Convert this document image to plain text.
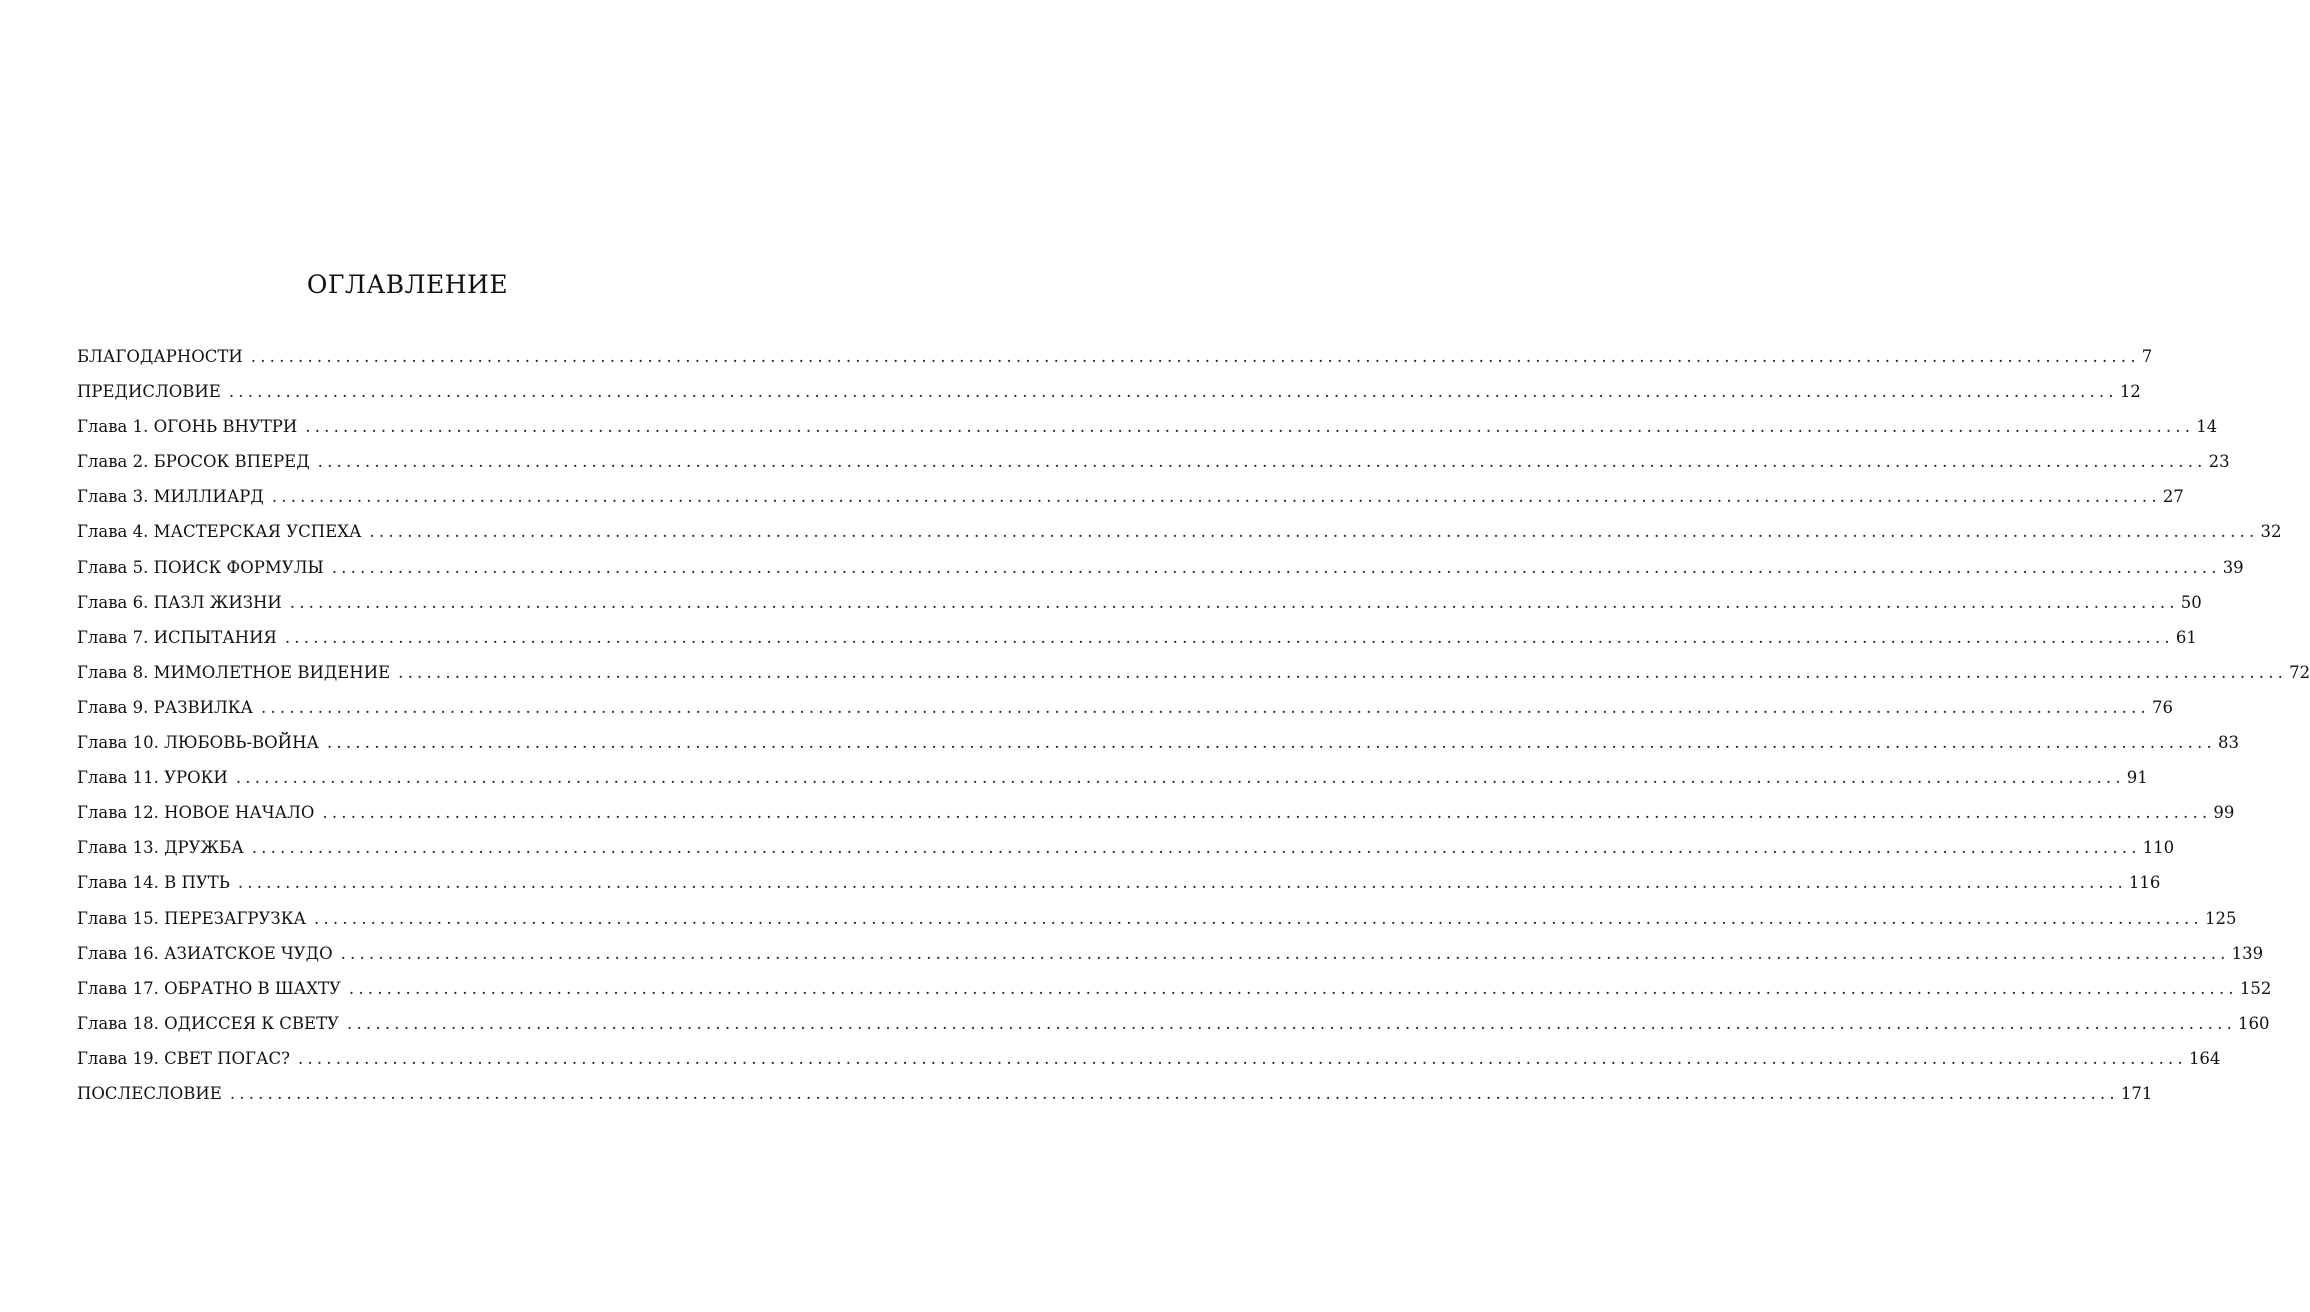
ОГЛАВЛЕНИЕ
БЛАГОДАРНОСТИ ........................................................................................................................................................................................................ 7
ПРЕДИСЛОВИЕ ........................................................................................................................................................................................................ 12
Глава 1. ОГОНЬ ВНУТРИ ........................................................................................................................................................................................................ 14
Глава 2. БРОСОК ВПЕРЕД ........................................................................................................................................................................................................ 23
Глава 3. МИЛЛИАРД ........................................................................................................................................................................................................ 27
Глава 4. МАСТЕРСКАЯ УСПЕХА ........................................................................................................................................................................................................ 32
Глава 5. ПОИСК ФОРМУЛЫ ........................................................................................................................................................................................................ 39
Глава 6. ПАЗЛ ЖИЗНИ ........................................................................................................................................................................................................ 50
Глава 7. ИСПЫТАНИЯ ........................................................................................................................................................................................................ 61
Глава 8. МИМОЛЕТНОЕ ВИДЕНИЕ ........................................................................................................................................................................................................ 72
Глава 9. РАЗВИЛКА ........................................................................................................................................................................................................ 76
Глава 10. ЛЮБОВЬ-ВОЙНА ........................................................................................................................................................................................................ 83
Глава 11. УРОКИ ........................................................................................................................................................................................................ 91
Глава 12. НОВОЕ НАЧАЛО ........................................................................................................................................................................................................ 99
Глава 13. ДРУЖБА ........................................................................................................................................................................................................ 110
Глава 14. В ПУТЬ ........................................................................................................................................................................................................ 116
Глава 15. ПЕРЕЗАГРУЗКА ........................................................................................................................................................................................................ 125
Глава 16. АЗИАТСКОЕ ЧУДО ........................................................................................................................................................................................................ 139
Глава 17. ОБРАТНО В ШАХТУ ........................................................................................................................................................................................................ 152
Глава 18. ОДИССЕЯ К СВЕТУ ........................................................................................................................................................................................................ 160
Глава 19. СВЕТ ПОГАС? ........................................................................................................................................................................................................ 164
ПОСЛЕСЛОВИЕ ........................................................................................................................................................................................................ 171
